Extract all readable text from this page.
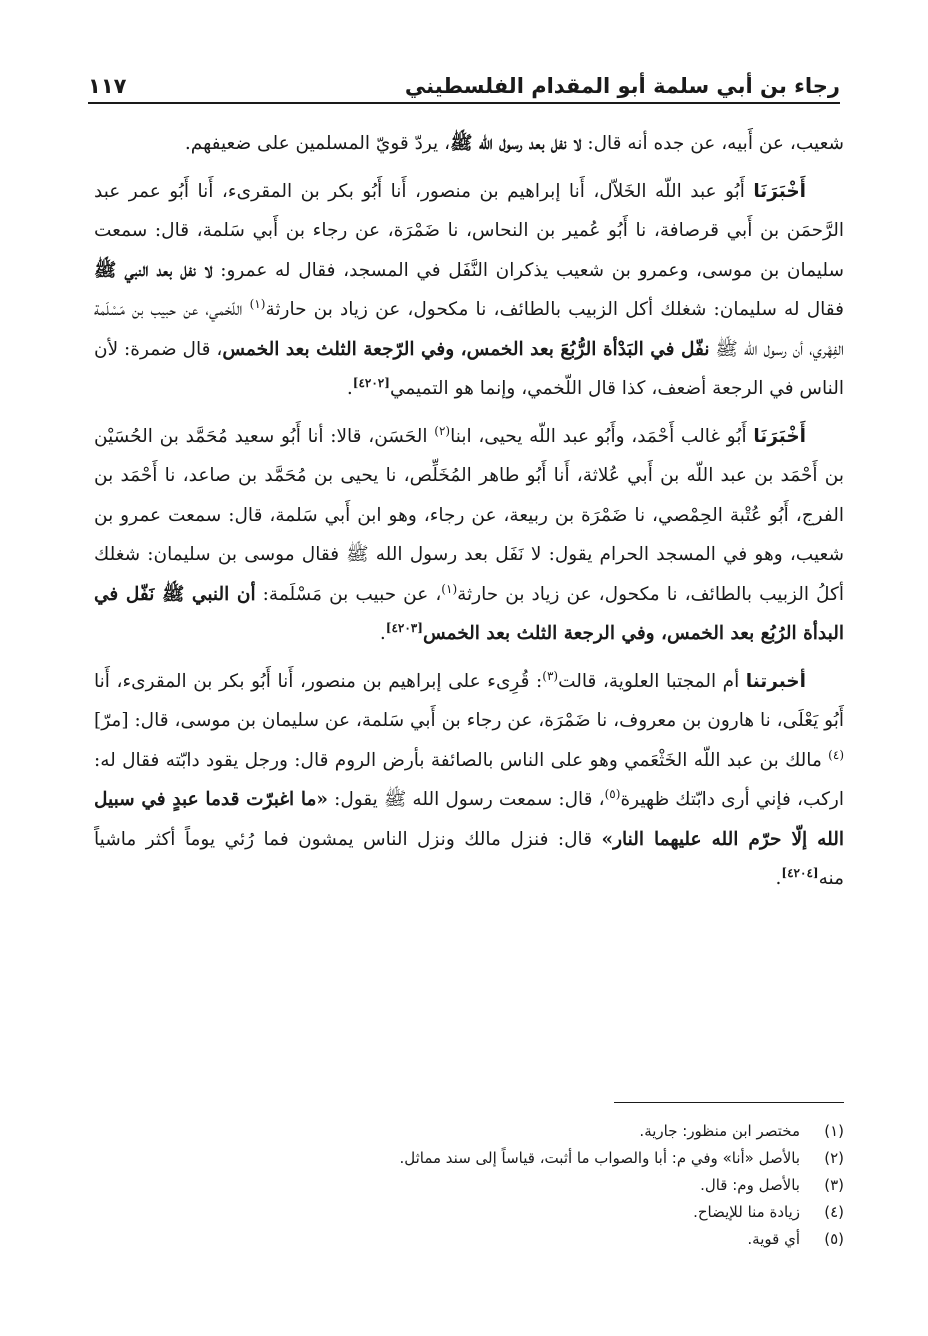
رجاء بن أبي سلمة أبو المقدام الفلسطيني
١١٧

شعيب، عن أَبيه، عن جده أنه قال: لا نفل بعد رسول الله ﷺ، يردّ قويّ المسلمين على ضعيفهم.

أَخْبَرَنَا أَبُو عبد اللّه الخَلاّل، أَنا إبراهيم بن منصور، أَنا أَبُو بكر بن المقرىء، أَنا أَبُو عمر عبد الرَّحمَن بن أَبي قرصافة، نا أَبُو عُمير بن النحاس، نا ضَمْرَة، عن رجاء بن أَبي سَلمة، قال: سمعت سليمان بن موسى، وعمرو بن شعيب يذكران النَّفَل في المسجد، فقال له عمرو: لا نفل بعد النبي ﷺ فقال له سليمان: شغلك أكل الزبيب بالطائف، نا مكحول، عن زياد بن حارثة$^{(١)}$ اللّخمي، عن حبيب بن مَسْلَمة الفِهْري، أن رسول الله ﷺ نفّل في البَدْأة الرُّبُعَ بعد الخمس، وفي الرّجعة الثلث بعد الخمس، قال ضمرة: لأن الناس في الرجعة أضعف، كذا قال اللّخمي، وإنما هو التميمي[٤٢٠٢].

أَخْبَرَنَا أَبُو غالب أَحْمَد، وأَبُو عبد اللّه يحيى، ابنا$^{(٢)}$ الحَسَن، قالا: أنا أَبُو سعيد مُحَمَّد بن الحُسَيْن بن أَحْمَد بن عبد اللّه بن أَبي عُلاثة، أَنا أَبُو طاهر المُخَلِّص، نا يحيى بن مُحَمَّد بن صاعد، نا أَحْمَد بن الفرج، أَبُو عُتْبة الحِمْصي، نا ضَمْرَة بن ربيعة، عن رجاء، وهو ابن أَبي سَلمة، قال: سمعت عمرو بن شعيب، وهو في المسجد الحرام يقول: لا نَفَل بعد رسول الله ﷺ فقال موسى بن سليمان: شغلك أكلُ الزبيب بالطائف، نا مكحول، عن زياد بن حارثة$^{(١)}$، عن حبيب بن مَسْلَمة: أن النبي ﷺ نَفّل في البدأة الرُبُع بعد الخمس، وفي الرجعة الثلث بعد الخمس[٤٢٠٣].

أخبرتنا أم المجتبا العلوية، قالت$^{(٣)}$: قُرِىء على إبراهيم بن منصور، أَنا أَبُو بكر بن المقرىء، أَنا أَبُو يَعْلَى، نا هارون بن معروف، نا ضَمْرَة، عن رجاء بن أَبي سَلمة، عن سليمان بن موسى، قال: [مرّ]$^{(٤)}$ مالك بن عبد اللّه الخَثْعَمي وهو على الناس بالصائفة بأرض الروم قال: ورجل يقود دابّته فقال له: اركب، فإني أرى دابّتك ظهيرة$^{(٥)}$، قال: سمعت رسول الله ﷺ يقول: «ما اغبرّت قدما عبدٍ في سبيل الله إلّا حرّم الله عليهما النار» قال: فنزل مالك ونزل الناس يمشون فما رُئي يوماً أكثر ماشياً منه[٤٢٠٤].

(١)
مختصر ابن منظور: جارية.
(٢)
بالأصل «أنا» وفي م: أبا والصواب ما أثبت، قياساً إلى سند مماثل.
(٣)
بالأصل وم: قال.
(٤)
زيادة منا للإيضاح.
(٥)
أي قوية.
